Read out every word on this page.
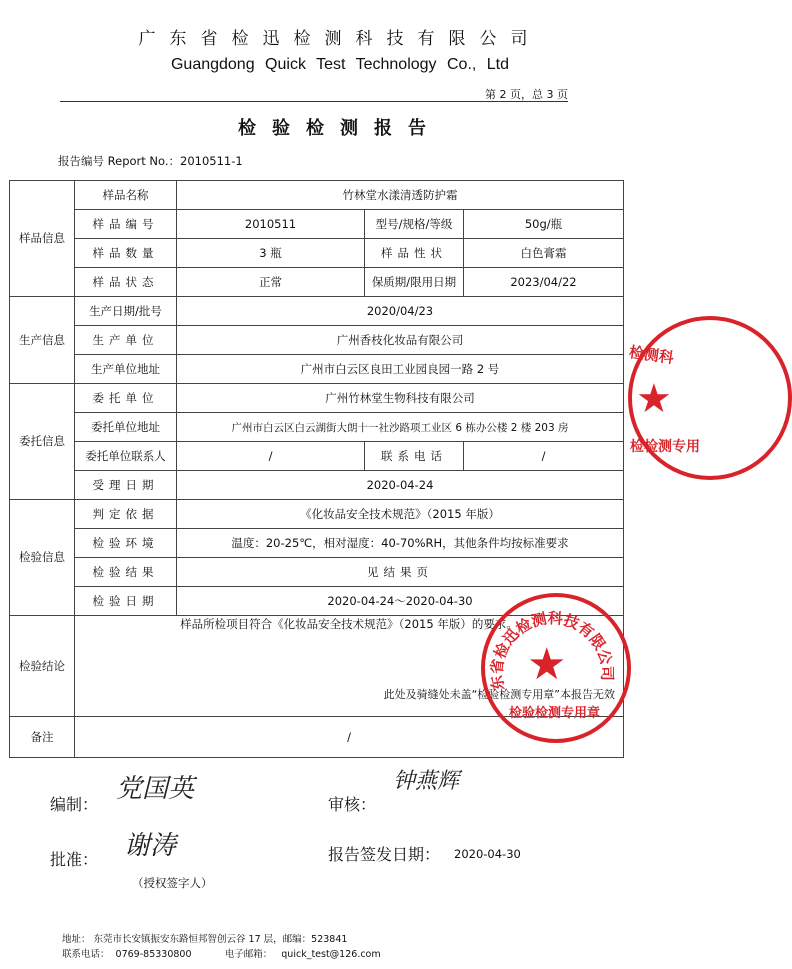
广东省检迅检测科技有限公司
Guangdong Quick Test Technology Co., Ltd
第 2 页，总 3 页
检验检测报告
报告编号 Report No.：2010511-1
样品信息	样品名称	竹林堂水漾清透防护霜		
	样品编号	2010511	型号/规格/等级	50g/瓶
	样品数量	3 瓶	样品性状	白色膏霜
	样品状态	正常	保质期/限用日期	2023/04/22
生产信息	生产日期/批号	2020/04/23		
	生产单位	广州香枝化妆品有限公司		
	生产单位地址	广州市白云区良田工业园良园一路 2 号		
委托信息	委托单位	广州竹林堂生物科技有限公司		
	委托单位地址	广州市白云区白云湖街大朗十一社沙路项工业区 6 栋办公楼 2 楼 203 房		
	委托单位联系人	/	联系电话	/
	受理日期	2020-04-24		
检验信息	判定依据	《化妆品安全技术规范》（2015 年版）		
	检验环境	温度：20-25℃，相对湿度：40-70%RH，其他条件均按标准要求		
	检验结果	见结果页		
	检验日期	2020-04-24～2020-04-30		
检验结论	样品所检项目符合《化妆品安全技术规范》（2015 年版）的要求。
此处及骑缝处未盖“检验检测专用章”本报告无效			

备注	/			
检测科
★
检检测专用
东省检迅检测科技有限公司
★
检验检测专用章
编制：
党国英
审核：
钟燕辉
批准： 谢涛
（授权签字人）
报告签发日期： 2020-04-30
地址： 东莞市长安镇振安东路恒邦智创云谷 17 层，邮编：523841
联系电话：  0769-85330800           电子邮箱：   quick_test@126.com
